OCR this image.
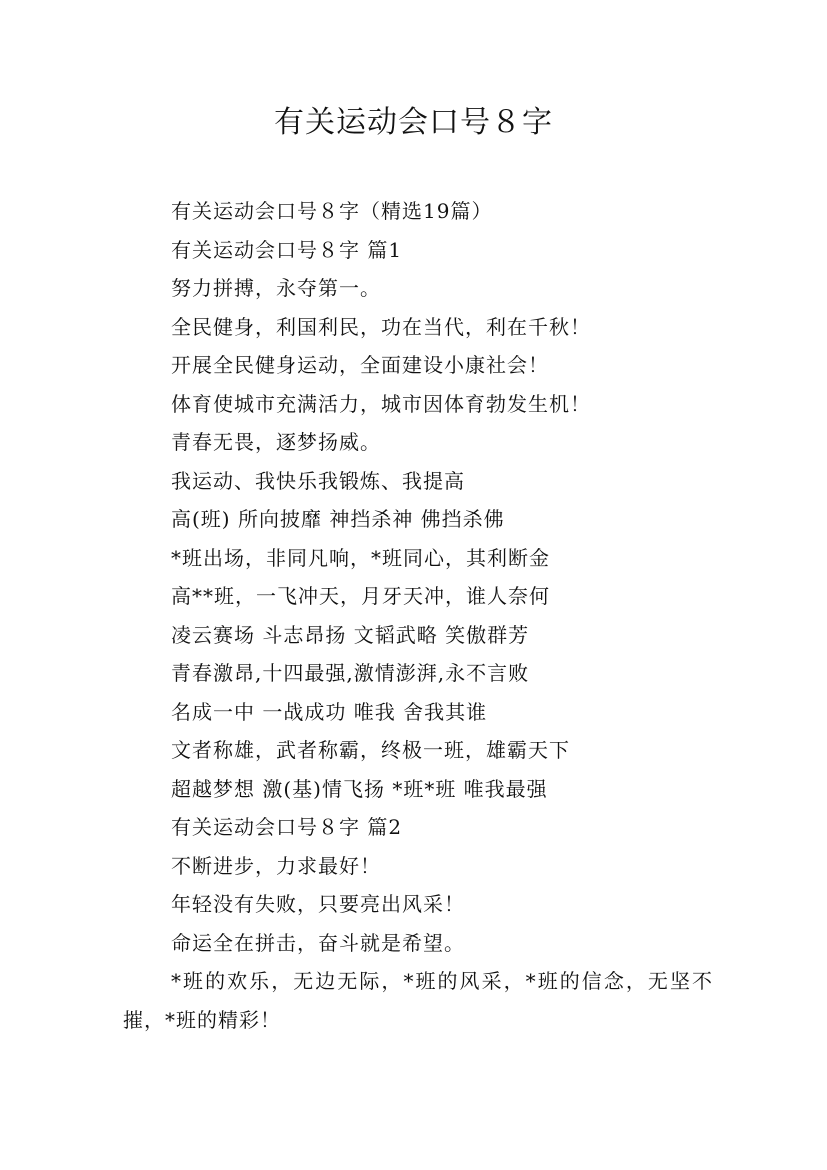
有关运动会口号８字
有关运动会口号８字（精选19篇）
有关运动会口号８字 篇1
努力拼搏，永夺第一。
全民健身，利国利民，功在当代，利在千秋！
开展全民健身运动，全面建设小康社会！
体育使城市充满活力，城市因体育勃发生机！
青春无畏，逐梦扬威。
我运动、我快乐我锻炼、我提高
高(班) 所向披靡 神挡杀神 佛挡杀佛
*班出场，非同凡响，*班同心，其利断金
高**班，一飞冲天，月牙天冲，谁人奈何
凌云赛场 斗志昂扬 文韬武略 笑傲群芳
青春激昂,十四最强,激情澎湃,永不言败
名成一中 一战成功 唯我 舍我其谁
文者称雄，武者称霸，终极一班，雄霸天下
超越梦想 激(基)情飞扬 *班*班 唯我最强
有关运动会口号８字 篇2
不断进步，力求最好！
年轻没有失败，只要亮出风采！
命运全在拼击，奋斗就是希望。

*班的欢乐，无边无际，*班的风采，*班的信念，无坚不摧，*班的精彩！
